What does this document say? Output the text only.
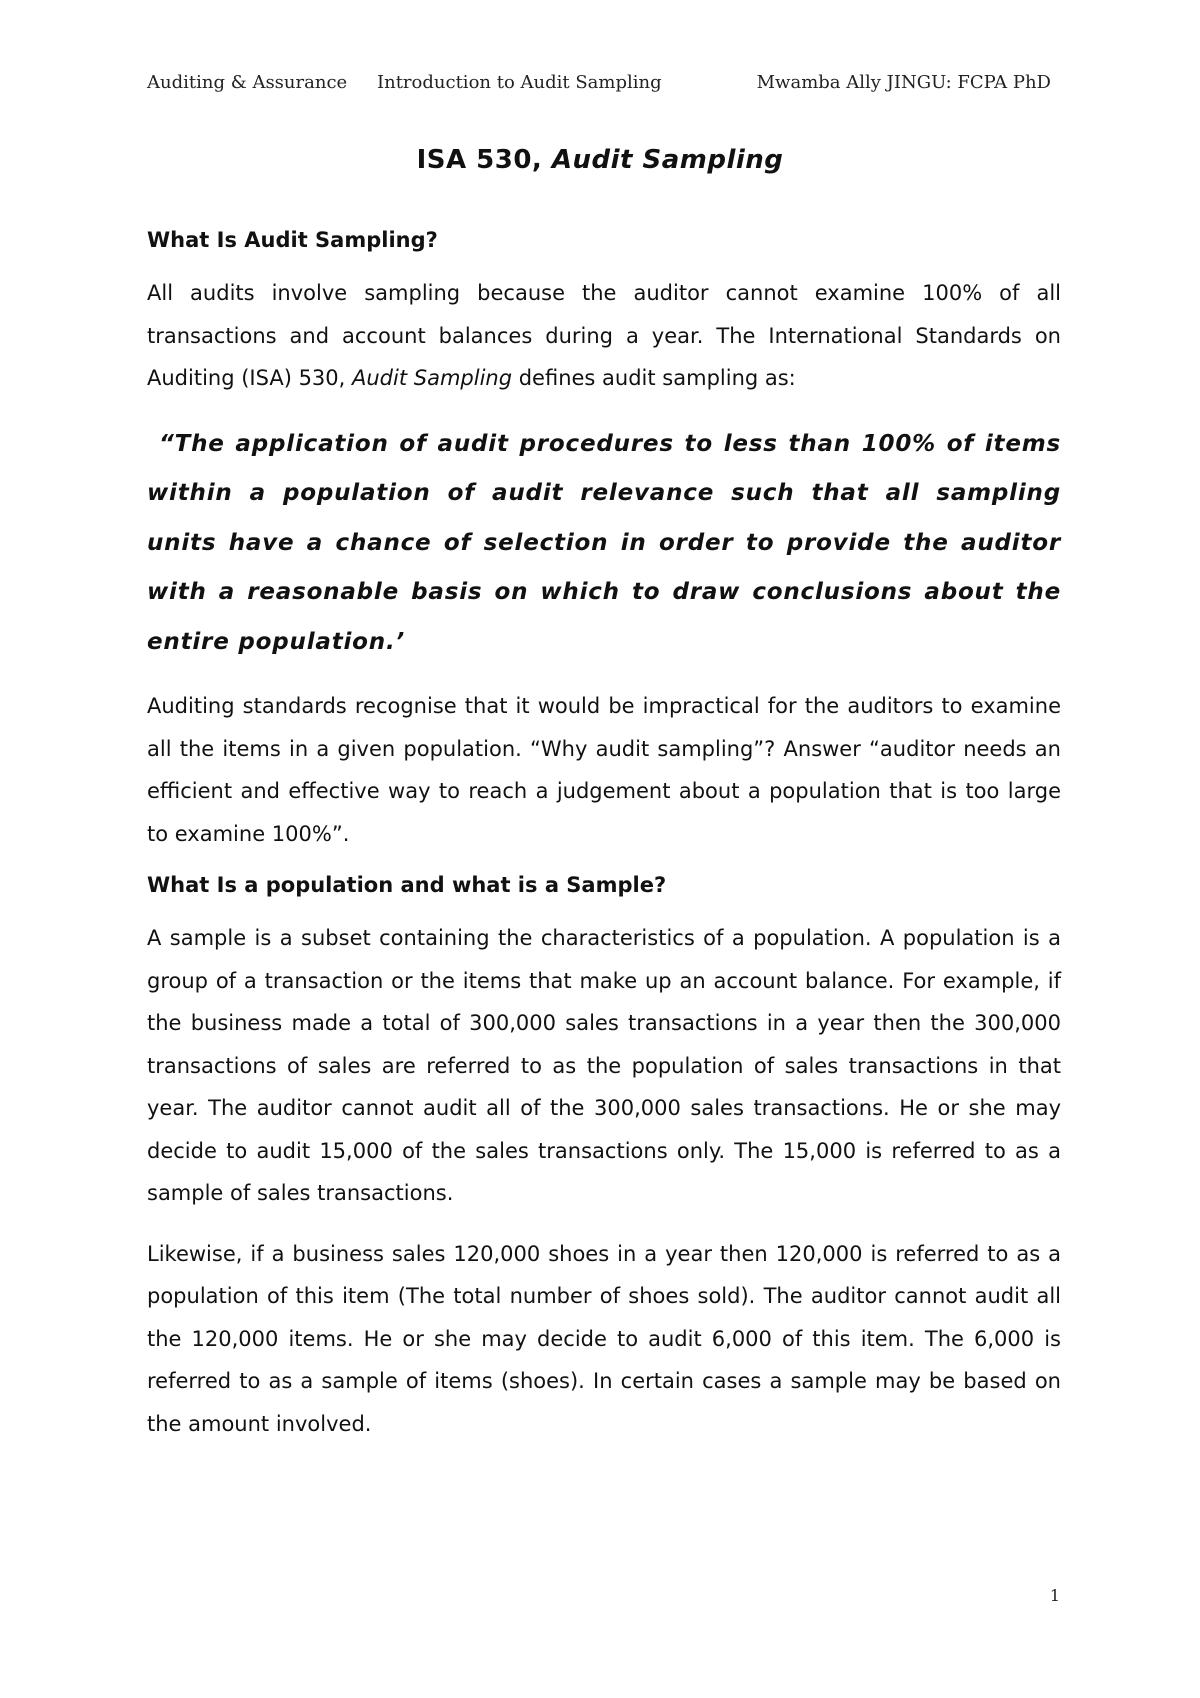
Auditing & Assurance Introduction to Audit Sampling	Mwamba Ally JINGU: FCPA PhD
ISA 530, Audit Sampling
What Is Audit Sampling?

All audits involve sampling because the auditor cannot examine 100% of all transactions and account balances during a year. The International Standards on Auditing (ISA) 530, Audit Sampling defines audit sampling as:

“The application of audit procedures to less than 100% of items within a population of audit relevance such that all sampling units have a chance of selection in order to provide the auditor with a reasonable basis on which to draw conclusions about the entire population.’

Auditing standards recognise that it would be impractical for the auditors to examine all the items in a given population. “Why audit sampling”? Answer “auditor needs an efficient and effective way to reach a judgement about a population that is too large to examine 100%”.

What Is a population and what is a Sample?

A sample is a subset containing the characteristics of a population. A population is a group of a transaction or the items that make up an account balance. For example, if the business made a total of 300,000 sales transactions in a year then the 300,000 transactions of sales are referred to as the population of sales transactions in that year. The auditor cannot audit all of the 300,000 sales transactions. He or she may decide to audit 15,000 of the sales transactions only. The 15,000 is referred to as a sample of sales transactions.

Likewise, if a business sales 120,000 shoes in a year then 120,000 is referred to as a population of this item (The total number of shoes sold). The auditor cannot audit all the 120,000 items. He or she may decide to audit 6,000 of this item. The 6,000 is referred to as a sample of items (shoes). In certain cases a sample may be based on the amount involved.

1
